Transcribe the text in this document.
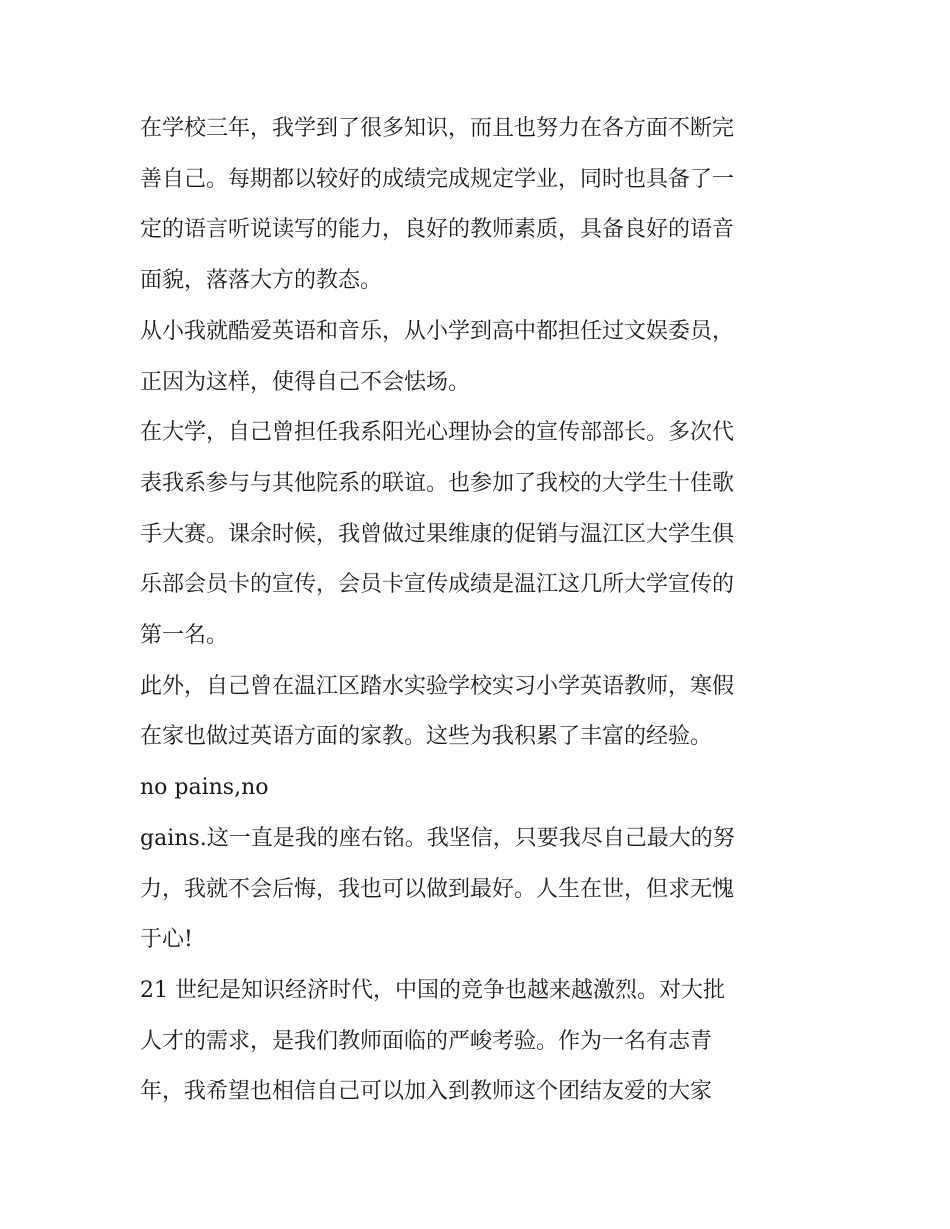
在学校三年，我学到了很多知识，而且也努力在各方面不断完
善自己。每期都以较好的成绩完成规定学业，同时也具备了一
定的语言听说读写的能力，良好的教师素质，具备良好的语音
面貌，落落大方的教态。

从小我就酷爱英语和音乐，从小学到高中都担任过文娱委员，
正因为这样，使得自己不会怯场。

在大学，自己曾担任我系阳光心理协会的宣传部部长。多次代
表我系参与与其他院系的联谊。也参加了我校的大学生十佳歌
手大赛。课余时候，我曾做过果维康的促销与温江区大学生俱
乐部会员卡的宣传，会员卡宣传成绩是温江这几所大学宣传的
第一名。

此外，自己曾在温江区踏水实验学校实习小学英语教师，寒假
在家也做过英语方面的家教。这些为我积累了丰富的经验。

no pains,no
gains.这一直是我的座右铭。我坚信，只要我尽自己最大的努
力，我就不会后悔，我也可以做到最好。人生在世，但求无愧
于心!

21 世纪是知识经济时代，中国的竞争也越来越激烈。对大批
人才的需求，是我们教师面临的严峻考验。作为一名有志青
年，我希望也相信自己可以加入到教师这个团结友爱的大家
